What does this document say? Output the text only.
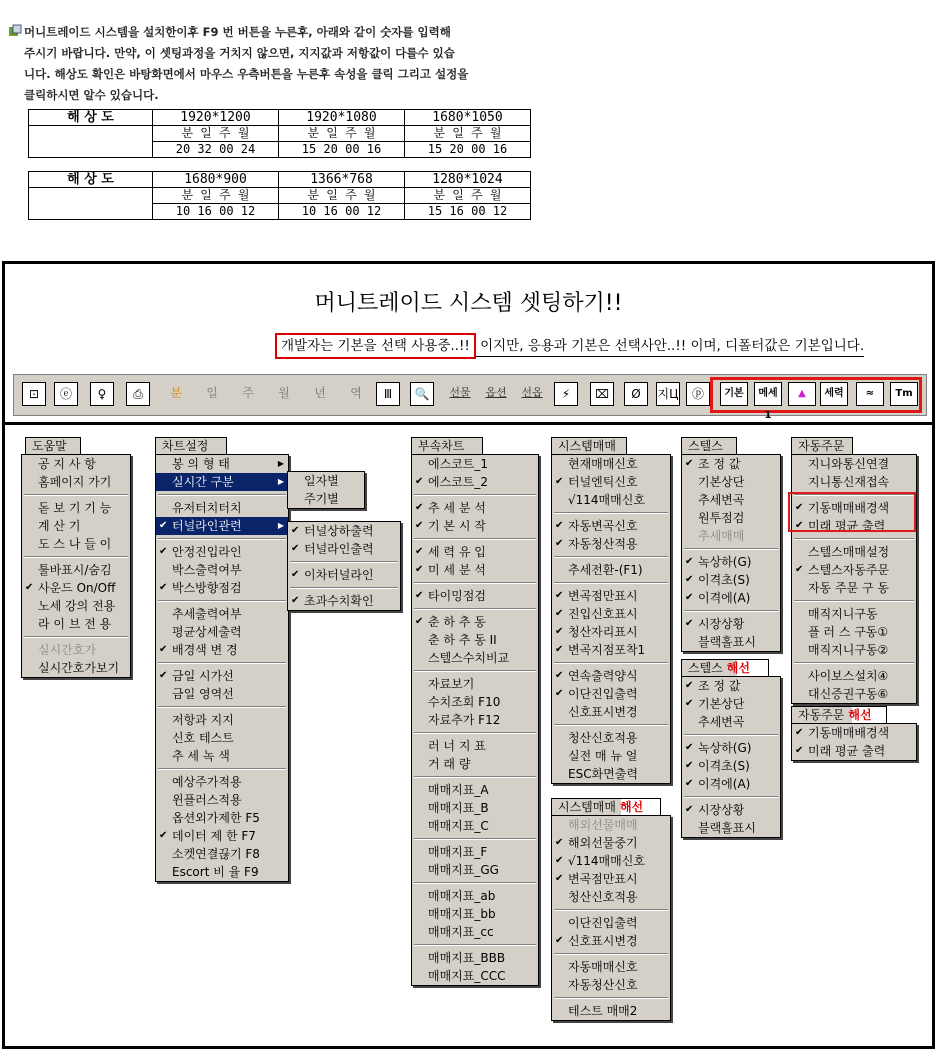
머니트레이드 시스템을 설치한이후 F9 번 버튼을 누른후, 아래와 같이 숫자를 입력해
주시기 바랍니다. 만약, 이 셋팅과정을 거치지 않으면, 지지값과 저항값이 다를수 있습
니다. 해상도 확인은 바탕화면에서 마우스 우측버튼을 누른후 속성을 클릭 그리고 설정을
클릭하시면 알수 있습니다.
해 상 도	1920*1200	1920*1080	1680*1050
	분 일 주 월	분 일 주 월	분 일 주 월
	20 32 00 24	15 20 00 16	15 20 00 16
해 상 도	1680*900	1366*768	1280*1024
	분 일 주 월	분 일 주 월	분 일 주 월
	10 16 00 12	10 16 00 12	15 16 00 12
머니트레이드 시스템 셋팅하기!!
개발자는 기본을 선택 사용중..!! 이지만, 응용과 기본은 선택사안..!! 이며, 디폴터값은 기본입니다.
⊡	ⓔ	♀	⎙	분	일	주	월	년	역	Ⅲ	🔍	선물	옵션	선옵	⚡	⌧	Ø	지Ц	ⓟ	기본	메세1
▲	세력	≈	Tm
도움말
공 지 사 항
홈페이지 가기
돋 보 기 기 능
계 산 기
도 스 나 들 이
툴바표시/숨김
✔ 사운드 On/Off
노세 강의 전용
라 이 브 전 용
실시간호가
실시간호가보기
차트설정
봉 의 형 태	▶
실시간 구분	▶
유저터치터치
✔ 터널라인관련	▶
✔ 안정진입라인
박스출력여부
✔ 박스방향점검
추세출력여부
평균상세출력
✔ 배경색 변 경
✔ 금일 시가선
금일 영역선
저항과 지지
신호 테스트
추 세 녹 색
예상주가적용
윈플러스적용
옵션외가제한 F5
✔ 데이터 제 한 F7
소켓연결끊기 F8
Escort 비 율 F9
일자별
주기별
✔ 터널상하출력
✔ 터널라인출력
✔ 이차터널라인
✔ 초과수치확인
부속차트
에스코트_1
✔ 에스코트_2
✔ 추 세 분 석
✔ 기 본 시 작
✔ 세 력 유 입
✔ 미 세 분 석
✔ 타이밍점검
✔ 춘 하 추 동
춘 하 추 동 II
스텔스수치비교
자료보기
수치조회 F10
자료추가 F12
러 너 지 표
거 래 량
매매지표_A
매매지표_B
매매지표_C
매매지표_F
매매지표_GG
매매지표_ab
매매지표_bb
매매지표_cc
매매지표_BBB
매매지표_CCC
시스템매매
현재매매신호
✔ 터널엔틱신호
√114매매신호
✔ 자동변곡신호
✔ 자동청산적용
추세전환-(F1)
✔ 변곡점만표시
✔ 진입신호표시
✔ 청산자리표시
✔ 변곡지점포착1
✔ 연속출력양식
✔ 이단진입출력
신호표시변경
청산신호적용
실전 매 뉴 얼
ESC화면출력
시스템매매 해선
해외선물매매
✔ 해외선물중기
✔ √114매매신호
✔ 변곡점만표시
청산신호적용
이단진입출력
✔ 신호표시변경
자동매매신호
자동청산신호
테스트 매매2
스텔스
✔ 조 정 값
기본상단
추세변곡
원투점검
추세매매
✔ 녹상하(G)
✔ 이격초(S)
✔ 이격에(A)
✔ 시장상황
블랙홀표시
스텔스 해선
✔ 조 정 값
✔ 기본상단
추세변곡
✔ 녹상하(G)
✔ 이격초(S)
✔ 이격에(A)
✔ 시장상황
블랙홀표시
자동주문
지니와통신연결
지니통신재접속
✔ 기동매매배경색
✔ 미래 평균 출력
스텔스매매설정
✔ 스텔스자동주문
자동 주문 구 동
매직지니구동
플 러 스 구동①
매직지니구동②
사이보스설치④
대신증권구동⑥
자동주문 해선
✔ 기동매매배경색
✔ 미래 평균 출력
